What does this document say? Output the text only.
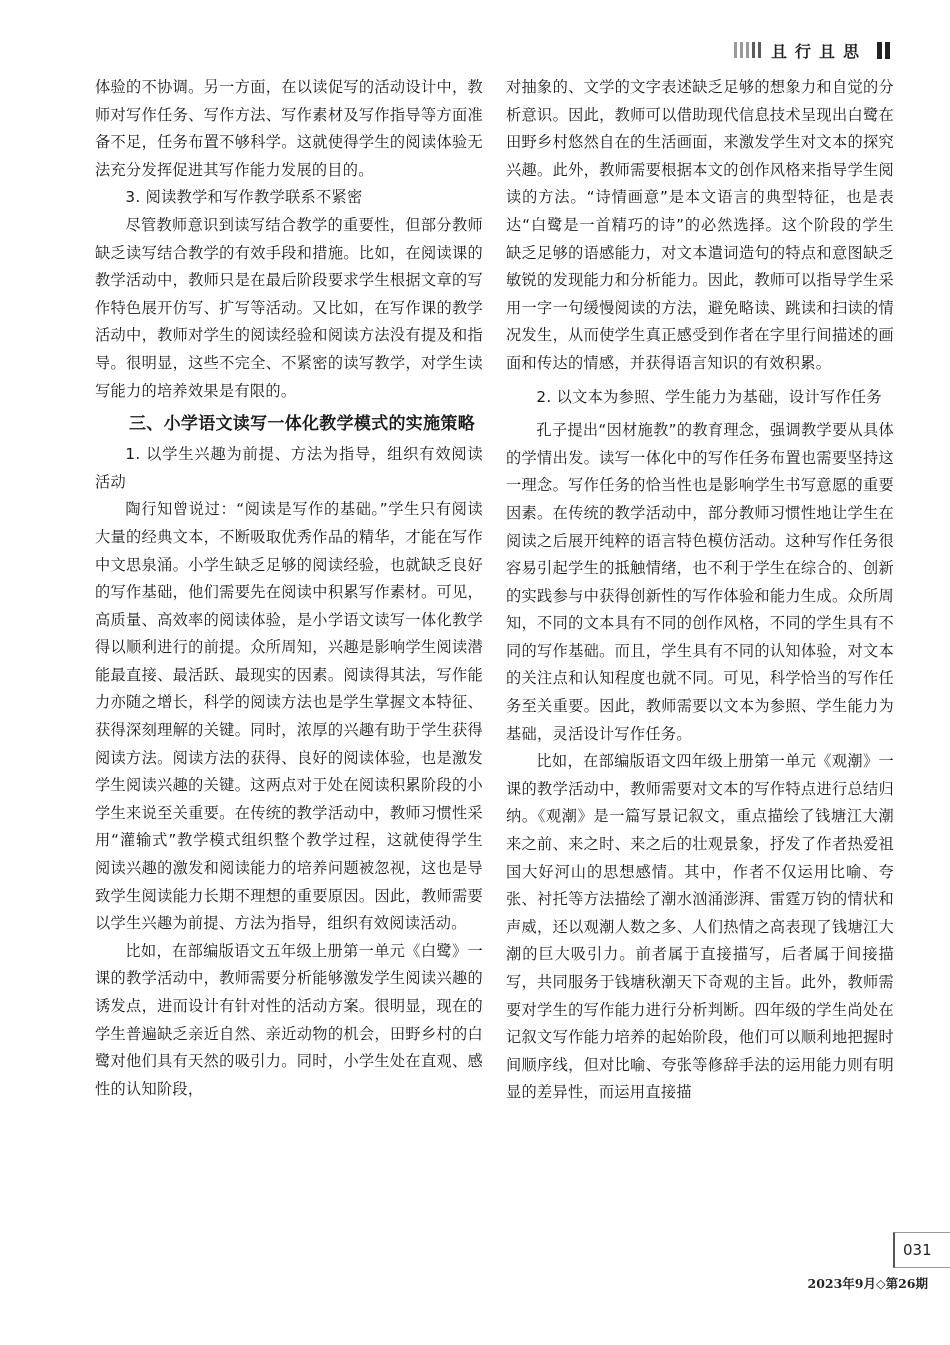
且行且思

体验的不协调。另一方面，在以读促写的活动设计中，教师对写作任务、写作方法、写作素材及写作指导等方面准备不足，任务布置不够科学。这就使得学生的阅读体验无法充分发挥促进其写作能力发展的目的。

3. 阅读教学和写作教学联系不紧密

尽管教师意识到读写结合教学的重要性，但部分教师缺乏读写结合教学的有效手段和措施。比如，在阅读课的教学活动中，教师只是在最后阶段要求学生根据文章的写作特色展开仿写、扩写等活动。又比如，在写作课的教学活动中，教师对学生的阅读经验和阅读方法没有提及和指导。很明显，这些不完全、不紧密的读写教学，对学生读写能力的培养效果是有限的。

三、小学语文读写一体化教学模式的实施策略
1. 以学生兴趣为前提、方法为指导，组织有效阅读活动

陶行知曾说过：“阅读是写作的基础。”学生只有阅读大量的经典文本，不断吸取优秀作品的精华，才能在写作中文思泉涌。小学生缺乏足够的阅读经验，也就缺乏良好的写作基础，他们需要先在阅读中积累写作素材。可见，高质量、高效率的阅读体验，是小学语文读写一体化教学得以顺利进行的前提。众所周知，兴趣是影响学生阅读潜能最直接、最活跃、最现实的因素。阅读得其法，写作能力亦随之增长，科学的阅读方法也是学生掌握文本特征、获得深刻理解的关键。同时，浓厚的兴趣有助于学生获得阅读方法。阅读方法的获得、良好的阅读体验，也是激发学生阅读兴趣的关键。这两点对于处在阅读积累阶段的小学生来说至关重要。在传统的教学活动中，教师习惯性采用“灌输式”教学模式组织整个教学过程，这就使得学生阅读兴趣的激发和阅读能力的培养问题被忽视，这也是导致学生阅读能力长期不理想的重要原因。因此，教师需要以学生兴趣为前提、方法为指导，组织有效阅读活动。

比如，在部编版语文五年级上册第一单元《白鹭》一课的教学活动中，教师需要分析能够激发学生阅读兴趣的诱发点，进而设计有针对性的活动方案。很明显，现在的学生普遍缺乏亲近自然、亲近动物的机会，田野乡村的白鹭对他们具有天然的吸引力。同时，小学生处在直观、感性的认知阶段，

对抽象的、文学的文字表述缺乏足够的想象力和自觉的分析意识。因此，教师可以借助现代信息技术呈现出白鹭在田野乡村悠然自在的生活画面，来激发学生对文本的探究兴趣。此外，教师需要根据本文的创作风格来指导学生阅读的方法。“诗情画意”是本文语言的典型特征，也是表达“白鹭是一首精巧的诗”的必然选择。这个阶段的学生缺乏足够的语感能力，对文本遣词造句的特点和意图缺乏敏锐的发现能力和分析能力。因此，教师可以指导学生采用一字一句缓慢阅读的方法，避免略读、跳读和扫读的情况发生，从而使学生真正感受到作者在字里行间描述的画面和传达的情感，并获得语言知识的有效积累。

2. 以文本为参照、学生能力为基础，设计写作任务

孔子提出“因材施教”的教育理念，强调教学要从具体的学情出发。读写一体化中的写作任务布置也需要坚持这一理念。写作任务的恰当性也是影响学生书写意愿的重要因素。在传统的教学活动中，部分教师习惯性地让学生在阅读之后展开纯粹的语言特色模仿活动。这种写作任务很容易引起学生的抵触情绪，也不利于学生在综合的、创新的实践参与中获得创新性的写作体验和能力生成。众所周知，不同的文本具有不同的创作风格，不同的学生具有不同的写作基础。而且，学生具有不同的认知体验，对文本的关注点和认知程度也就不同。可见，科学恰当的写作任务至关重要。因此，教师需要以文本为参照、学生能力为基础，灵活设计写作任务。

比如，在部编版语文四年级上册第一单元《观潮》一课的教学活动中，教师需要对文本的写作特点进行总结归纳。《观潮》是一篇写景记叙文，重点描绘了钱塘江大潮来之前、来之时、来之后的壮观景象，抒发了作者热爱祖国大好河山的思想感情。其中，作者不仅运用比喻、夸张、衬托等方法描绘了潮水汹涌澎湃、雷霆万钧的情状和声威，还以观潮人数之多、人们热情之高表现了钱塘江大潮的巨大吸引力。前者属于直接描写，后者属于间接描写，共同服务于钱塘秋潮天下奇观的主旨。此外，教师需要对学生的写作能力进行分析判断。四年级的学生尚处在记叙文写作能力培养的起始阶段，他们可以顺利地把握时间顺序线，但对比喻、夸张等修辞手法的运用能力则有明显的差异性，而运用直接描

031
2023年9月◇第26期
